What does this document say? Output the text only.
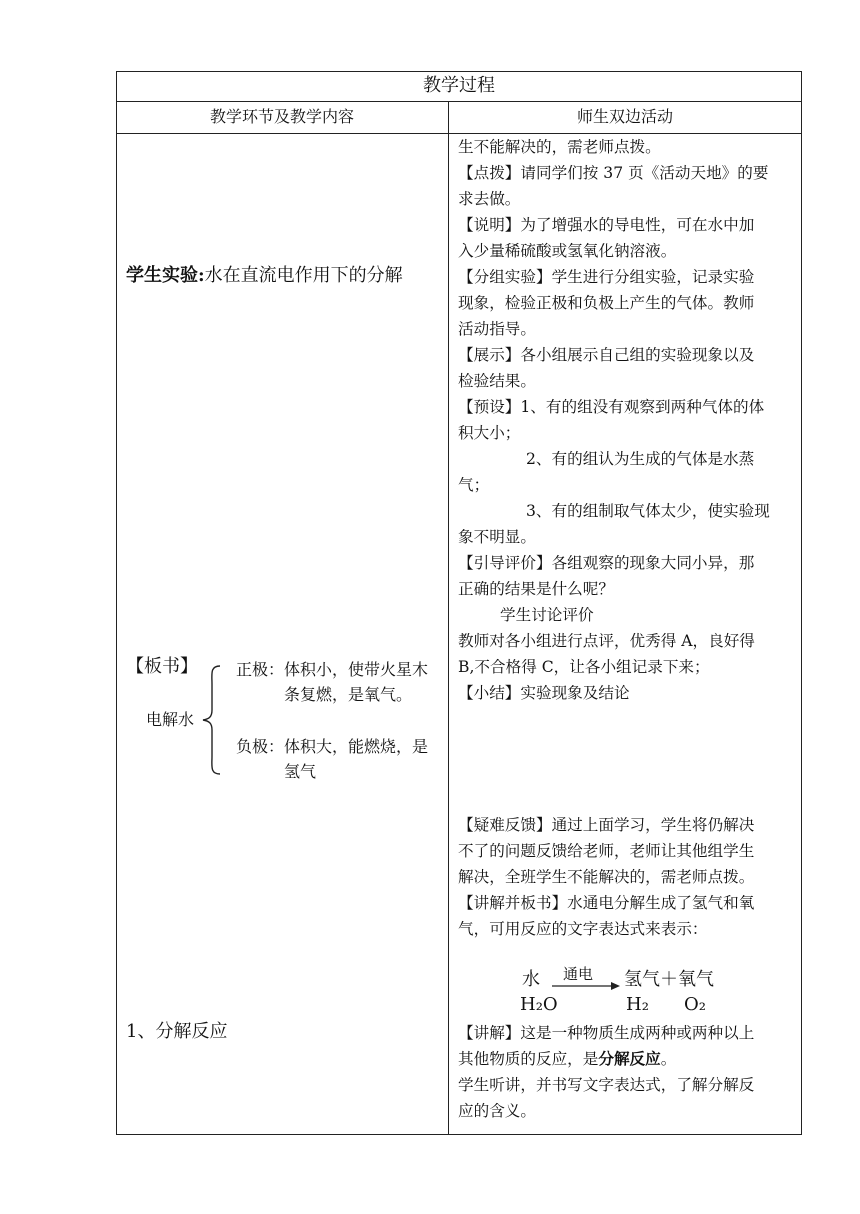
教学过程
教学环节及教学内容	师生双边活动
学生实验:水在直流电作用下的分解
【板书】
电解水
正极：体积小，使带火星木
条复燃，是氧气。
负极：体积大，能燃烧，是
氢气
1、分解反应
生不能解决的，需老师点拨。
【点拨】请同学们按 37 页《活动天地》的要
求去做。
【说明】为了增强水的导电性，可在水中加
入少量稀硫酸或氢氧化钠溶液。
【分组实验】学生进行分组实验，记录实验
现象，检验正极和负极上产生的气体。教师
活动指导。
【展示】各小组展示自己组的实验现象以及
检验结果。
【预设】1、有的组没有观察到两种气体的体
积大小；
2、有的组认为生成的气体是水蒸
气；
3、有的组制取气体太少，使实验现
象不明显。
【引导评价】各组观察的现象大同小异，那
正确的结果是什么呢？
学生讨论评价
教师对各小组进行点评，优秀得 A，良好得
B,不合格得 C，让各小组记录下来；
【小结】实验现象及结论
【疑难反馈】通过上面学习，学生将仍解决
不了的问题反馈给老师，老师让其他组学生
解决，全班学生不能解决的，需老师点拨。
【讲解并板书】水通电分解生成了氢气和氧
气，可用反应的文字表达式来表示：
【讲解】这是一种物质生成两种或两种以上
其他物质的反应，是分解反应。
学生听讲，并书写文字表达式，了解分解反
应的含义。
水 通电 氢气＋氧气
H₂O	H₂ O₂
